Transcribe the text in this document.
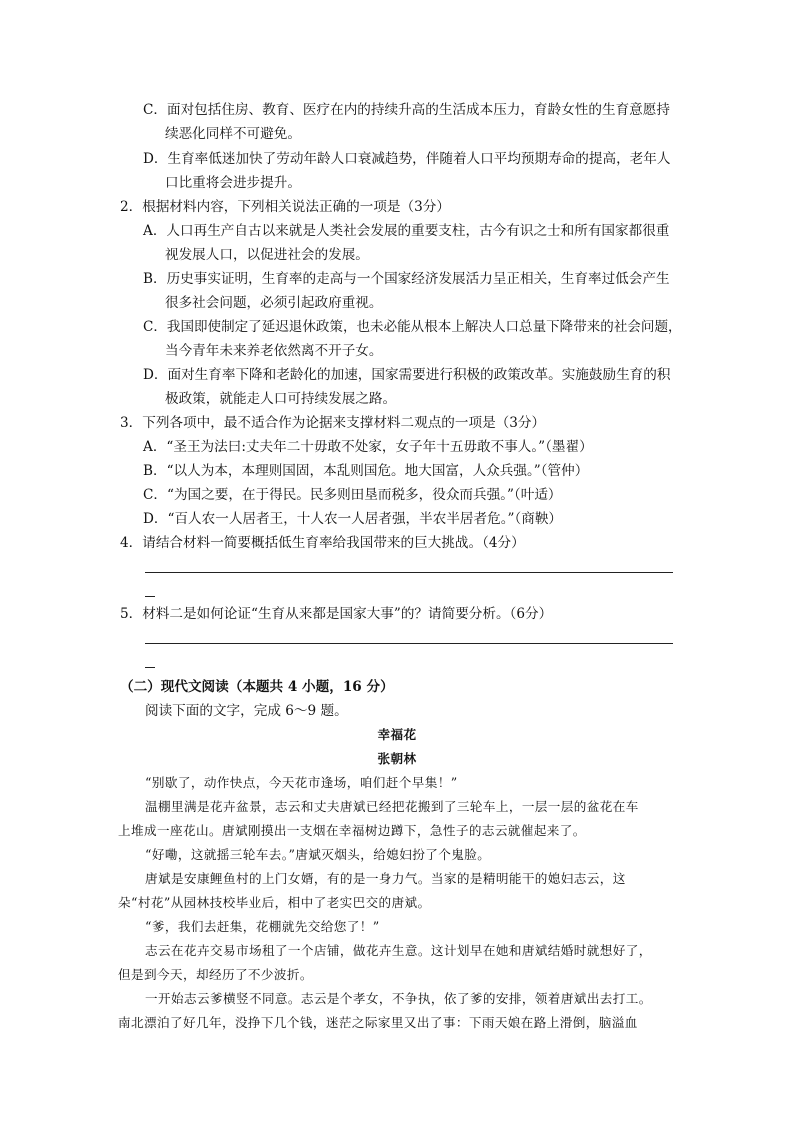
C．面对包括住房、教育、医疗在内的持续升高的生活成本压力，育龄女性的生育意愿持
续恶化同样不可避免。
D．生育率低迷加快了劳动年龄人口衰减趋势，伴随着人口平均预期寿命的提高，老年人
口比重将会进步提升。
2．根据材料内容，下列相关说法正确的一项是（3分）
A．人口再生产自古以来就是人类社会发展的重要支柱，古今有识之士和所有国家都很重
视发展人口，以促进社会的发展。
B．历史事实证明，生育率的走高与一个国家经济发展活力呈正相关，生育率过低会产生
很多社会问题，必须引起政府重视。
C．我国即使制定了延迟退休政策，也未必能从根本上解决人口总量下降带来的社会问题，
当今青年未来养老依然离不开子女。
D．面对生育率下降和老龄化的加速，国家需要进行积极的政策改革。实施鼓励生育的积
极政策，就能走人口可持续发展之路。
3．下列各项中，最不适合作为论据来支撑材料二观点的一项是（3分）
A．“圣王为法曰:丈夫年二十毋敢不处家，女子年十五毋敢不事人。”（墨翟）
B．“以人为本，本理则国固，本乱则国危。地大国富，人众兵强。”（管仲）
C．“为国之要，在于得民。民多则田垦而税多，役众而兵强。”（叶适）
D．“百人农一人居者王，十人农一人居者强，半农半居者危。”（商鞅）
4．请结合材料一简要概括低生育率给我国带来的巨大挑战。（4分）
5．材料二是如何论证“生育从来都是国家大事”的？请简要分析。（6分）
（二）现代文阅读（本题共 4 小题，16 分）
阅读下面的文字，完成 6～9 题。
幸福花
张朝林
“别歇了，动作快点，今天花市逢场，咱们赶个早集！”
温棚里满是花卉盆景，志云和丈夫唐斌已经把花搬到了三轮车上，一层一层的盆花在车
上堆成一座花山。唐斌刚摸出一支烟在幸福树边蹲下，急性子的志云就催起来了。
“好嘞，这就摇三轮车去。”唐斌灭烟头，给媳妇扮了个鬼脸。
唐斌是安康鲤鱼村的上门女婿，有的是一身力气。当家的是精明能干的媳妇志云，这
朵“村花”从园林技校毕业后，相中了老实巴交的唐斌。
“爹，我们去赶集，花棚就先交给您了！”
志云在花卉交易市场租了一个店铺，做花卉生意。这计划早在她和唐斌结婚时就想好了，
但是到今天，却经历了不少波折。
一开始志云爹横竖不同意。志云是个孝女，不争执，依了爹的安排，领着唐斌出去打工。
南北漂泊了好几年，没挣下几个钱，迷茫之际家里又出了事：下雨天娘在路上滑倒，脑溢血
